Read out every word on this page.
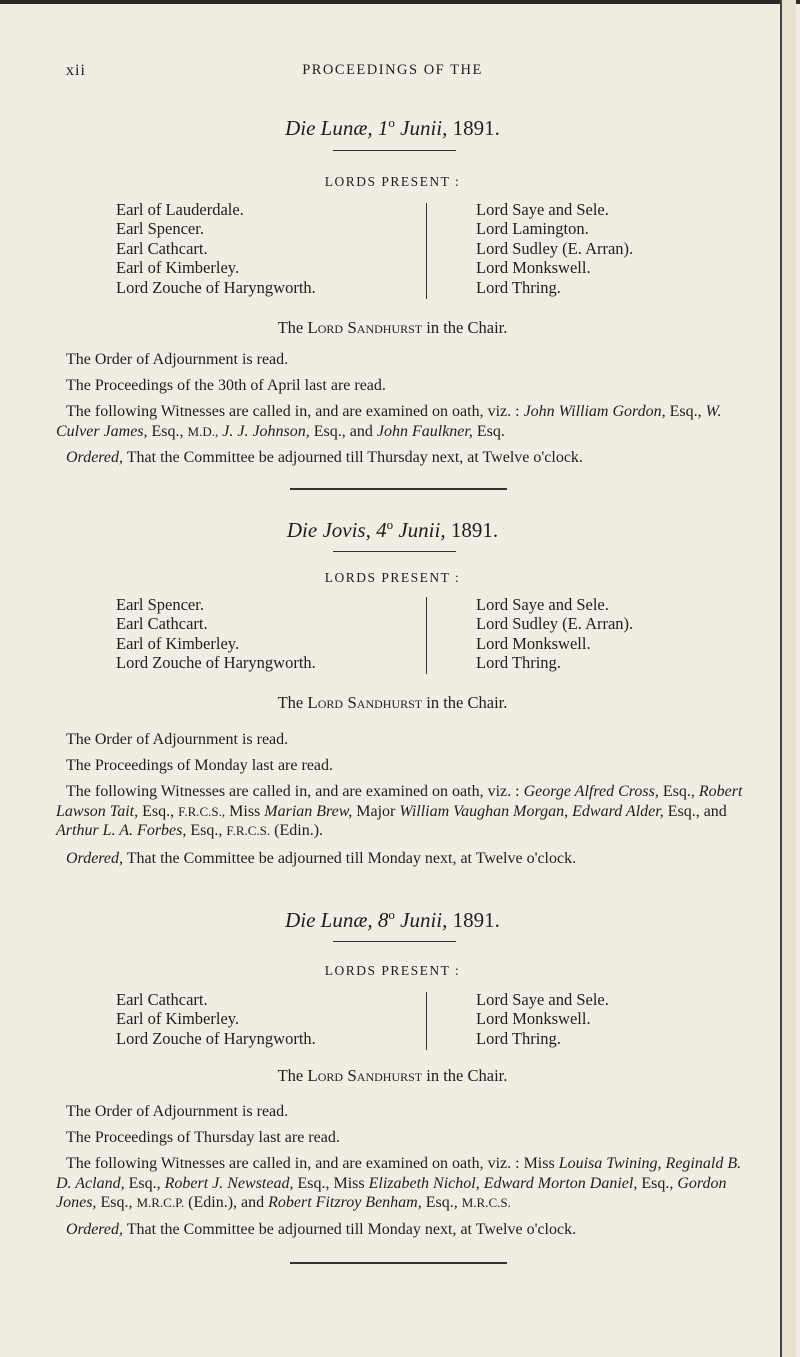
xii	PROCEEDINGS OF THE
Die Lunæ, 1$^o$ Junii, 1891.
LORDS PRESENT :
Earl of Lauderdale.
Earl Spencer.
Earl Cathcart.
Earl of Kimberley.
Lord Zouche of Haryngworth.
Lord Saye and Sele.
Lord Lamington.
Lord Sudley (E. Arran).
Lord Monkswell.
Lord Thring.
The Lord Sandhurst in the Chair.
The Order of Adjournment is read.
The Proceedings of the 30th of April last are read.
The following Witnesses are called in, and are examined on oath, viz. : John William Gordon, Esq., W. Culver James, Esq., M.D., J. J. Johnson, Esq., and John Faulkner, Esq.
Ordered, That the Committee be adjourned till Thursday next, at Twelve o'clock.
Die Jovis, 4$^o$ Junii, 1891.
LORDS PRESENT :
Earl Spencer.
Earl Cathcart.
Earl of Kimberley.
Lord Zouche of Haryngworth.
Lord Saye and Sele.
Lord Sudley (E. Arran).
Lord Monkswell.
Lord Thring.
The Lord Sandhurst in the Chair.
The Order of Adjournment is read.
The Proceedings of Monday last are read.
The following Witnesses are called in, and are examined on oath, viz. : George Alfred Cross, Esq., Robert Lawson Tait, Esq., F.R.C.S., Miss Marian Brew, Major William Vaughan Morgan, Edward Alder, Esq., and Arthur L. A. Forbes, Esq., F.R.C.S. (Edin.).
Ordered, That the Committee be adjourned till Monday next, at Twelve o'clock.
Die Lunæ, 8$^o$ Junii, 1891.
LORDS PRESENT :
Earl Cathcart.
Earl of Kimberley.
Lord Zouche of Haryngworth.
Lord Saye and Sele.
Lord Monkswell.
Lord Thring.
The Lord Sandhurst in the Chair.
The Order of Adjournment is read.
The Proceedings of Thursday last are read.
The following Witnesses are called in, and are examined on oath, viz. : Miss Louisa Twining, Reginald B. D. Acland, Esq., Robert J. Newstead, Esq., Miss Elizabeth Nichol, Edward Morton Daniel, Esq., Gordon Jones, Esq., M.R.C.P. (Edin.), and Robert Fitzroy Benham, Esq., M.R.C.S.
Ordered, That the Committee be adjourned till Monday next, at Twelve o'clock.
